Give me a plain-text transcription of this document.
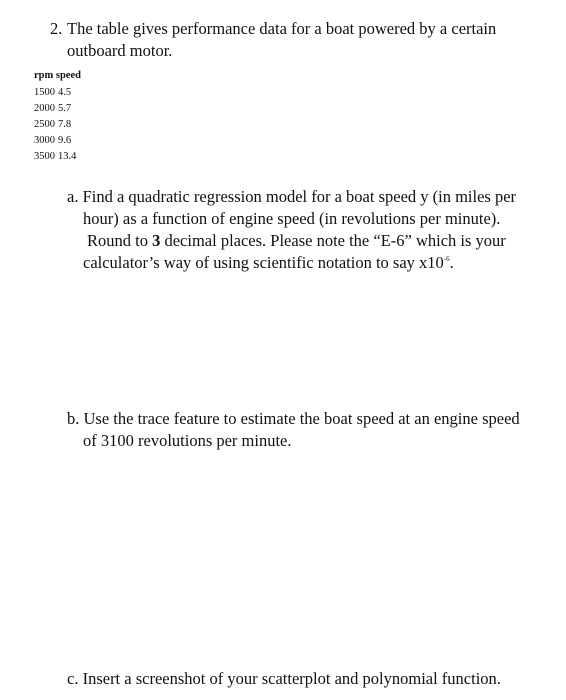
2. The table gives performance data for a boat powered by a certain
outboard motor.
rpm speed
1500 4.5
2000 5.7
2500 7.8
3000 9.6
3500 13.4
a. Find a quadratic regression model for a boat speed y (in miles per
hour) as a function of engine speed (in revolutions per minute).
Round to 3 decimal places. Please note the “E-6” which is your
calculator’s way of using scientific notation to say $x10^{-6}$.
b. Use the trace feature to estimate the boat speed at an engine speed
of 3100 revolutions per minute.
c. Insert a screenshot of your scatterplot and polynomial function.
